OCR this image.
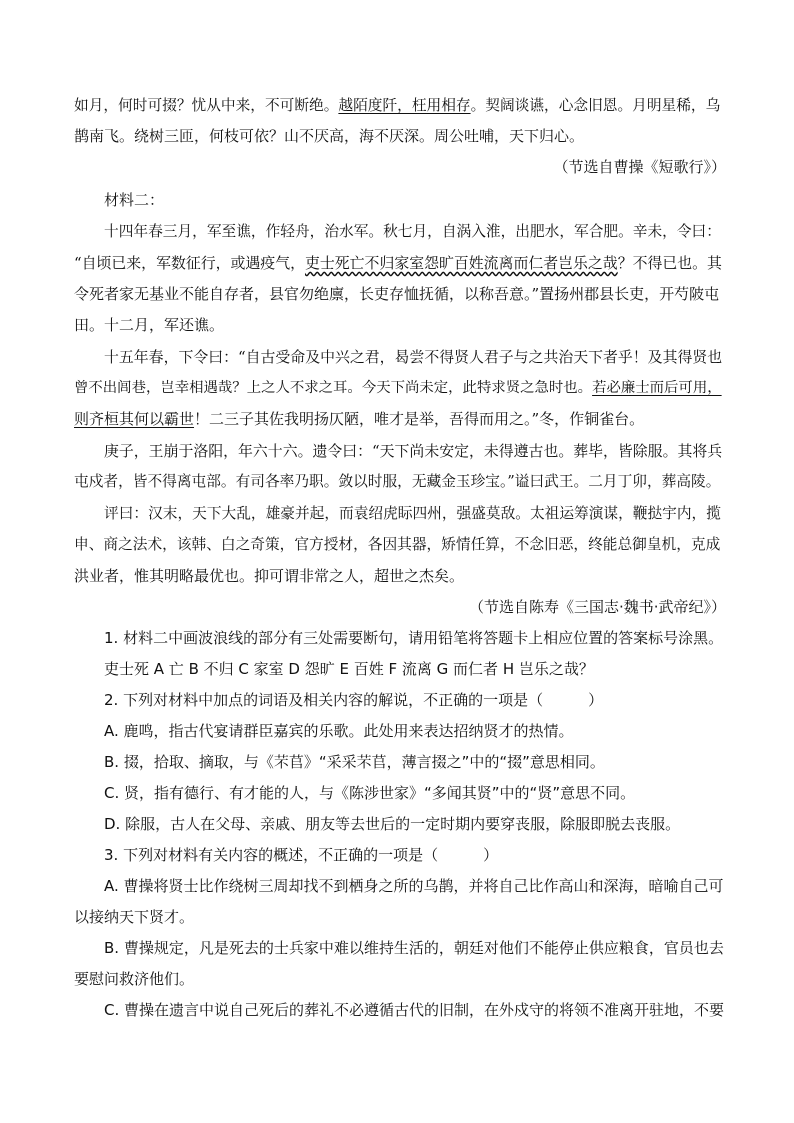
如月，何时可掇？忧从中来，不可断绝。越陌度阡，枉用相存。契阔谈䜩，心念旧恩。月明星稀，乌
鹊南飞。绕树三匝，何枝可依？山不厌高，海不厌深。周公吐哺，天下归心。
（节选自曹操《短歌行》）
材料二：
十四年春三月，军至谯，作轻舟，治水军。秋七月，自涡入淮，出肥水，军合肥。辛未，令曰：
“自顷已来，军数征行，或遇疫气，吏士死亡不归家室怨旷百姓流离而仁者岂乐之哉？不得已也。其
令死者家无基业不能自存者，县官勿绝廪，长吏存恤抚循，以称吾意。”置扬州郡县长吏，开芍陂屯
田。十二月，军还谯。
十五年春，下令曰：“自古受命及中兴之君，曷尝不得贤人君子与之共治天下者乎！及其得贤也
曾不出闾巷，岂幸相遇哉？上之人不求之耳。今天下尚未定，此特求贤之急时也。若必廉士而后可用，
则齐桓其何以霸世！二三子其佐我明扬仄陋，唯才是举，吾得而用之。”冬，作铜雀台。
庚子，王崩于洛阳，年六十六。遗令曰：“天下尚未安定，未得遵古也。葬毕，皆除服。其将兵
屯戍者，皆不得离屯部。有司各率乃职。敛以时服，无藏金玉珍宝。”谥曰武王。二月丁卯，葬高陵。
评曰：汉末，天下大乱，雄豪并起，而袁绍虎眎四州，强盛莫敌。太祖运筹演谋，鞭挞宇内，揽
申、商之法术，该韩、白之奇策，官方授材，各因其器，矫情任算，不念旧恶，终能总御皇机，克成
洪业者，惟其明略最优也。抑可谓非常之人，超世之杰矣。
（节选自陈寿《三国志·魏书·武帝纪》）
1. 材料二中画波浪线的部分有三处需要断句，请用铅笔将答题卡上相应位置的答案标号涂黑。
吏士死 A 亡 B 不归 C 家室 D 怨旷 E 百姓 F 流离 G 而仁者 H 岂乐之哉？
2. 下列对材料中加点的词语及相关内容的解说，不正确的一项是（　　　）
A. 鹿鸣，指古代宴请群臣嘉宾的乐歌。此处用来表达招纳贤才的热情。
B. 掇，拾取、摘取，与《芣苢》“采采芣苢，薄言掇之”中的“掇”意思相同。
C. 贤，指有德行、有才能的人，与《陈涉世家》“多闻其贤”中的“贤”意思不同。
D. 除服，古人在父母、亲戚、朋友等去世后的一定时期内要穿丧服，除服即脱去丧服。
3. 下列对材料有关内容的概述，不正确的一项是（　　　）
A. 曹操将贤士比作绕树三周却找不到栖身之所的乌鹊，并将自己比作高山和深海，暗喻自己可
以接纳天下贤才。
B. 曹操规定，凡是死去的士兵家中难以维持生活的，朝廷对他们不能停止供应粮食，官员也去
要慰问救济他们。
C. 曹操在遗言中说自己死后的葬礼不必遵循古代的旧制，在外戍守的将领不准离开驻地，不要
